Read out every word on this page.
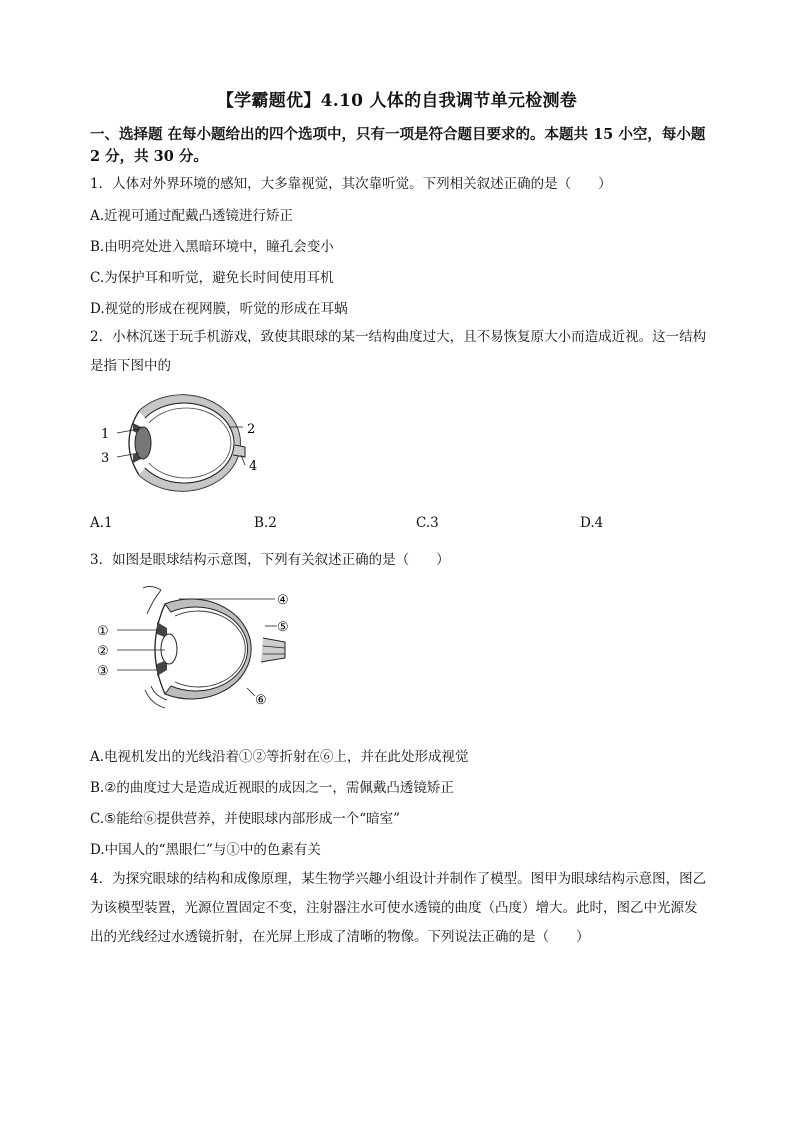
【学霸题优】4.10 人体的自我调节单元检测卷
一、选择题 在每小题给出的四个选项中，只有一项是符合题目要求的。本题共 15 小空，每小题 2 分，共 30 分。
1．人体对外界环境的感知，大多靠视觉，其次靠听觉。下列相关叙述正确的是（　　）
A.近视可通过配戴凸透镜进行矫正
B.由明亮处进入黑暗环境中，瞳孔会变小
C.为保护耳和听觉，避免长时间使用耳机
D.视觉的形成在视网膜，听觉的形成在耳蜗
2．小林沉迷于玩手机游戏，致使其眼球的某一结构曲度过大，且不易恢复原大小而造成近视。这一结构是指下图中的
1
3
2
4
A.1	B.2	C.3	D.4
3．如图是眼球结构示意图，下列有关叙述正确的是（　　）
①
②
③
④
⑤
⑥
A.电视机发出的光线沿着①②等折射在⑥上，并在此处形成视觉
B.②的曲度过大是造成近视眼的成因之一，需佩戴凸透镜矫正
C.⑤能给⑥提供营养，并使眼球内部形成一个“暗室”
D.中国人的“黑眼仁”与①中的色素有关
4．为探究眼球的结构和成像原理，某生物学兴趣小组设计并制作了模型。图甲为眼球结构示意图，图乙为该模型装置，光源位置固定不变，注射器注水可使水透镜的曲度（凸度）增大。此时，图乙中光源发出的光线经过水透镜折射，在光屏上形成了清晰的物像。下列说法正确的是（　　）
